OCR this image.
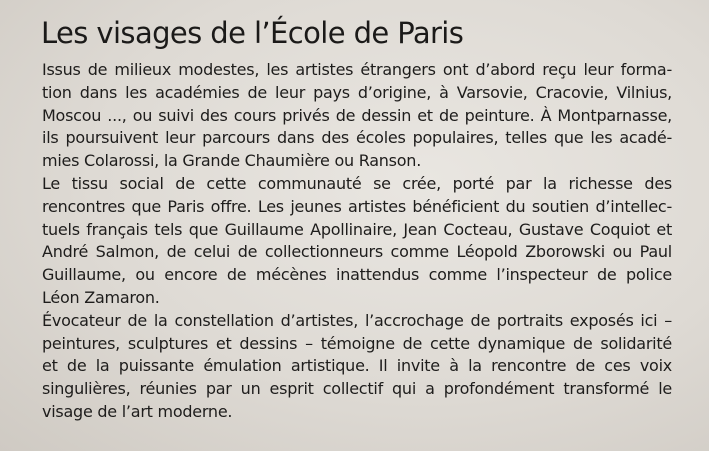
Les visages de l’École de Paris
Issus de milieux modestes, les artistes étrangers ont d’abord reçu leur forma-
tion dans les académies de leur pays d’origine, à Varsovie, Cracovie, Vilnius,
Moscou ..., ou suivi des cours privés de dessin et de peinture. À Montparnasse,
ils poursuivent leur parcours dans des écoles populaires, telles que les acadé-
mies Colarossi, la Grande Chaumière ou Ranson.
Le tissu social de cette communauté se crée, porté par la richesse des
rencontres que Paris offre. Les jeunes artistes bénéficient du soutien d’intellec-
tuels français tels que Guillaume Apollinaire, Jean Cocteau, Gustave Coquiot et
André Salmon, de celui de collectionneurs comme Léopold Zborowski ou Paul
Guillaume, ou encore de mécènes inattendus comme l’inspecteur de police
Léon Zamaron.
Évocateur de la constellation d’artistes, l’accrochage de portraits exposés ici –
peintures, sculptures et dessins – témoigne de cette dynamique de solidarité
et de la puissante émulation artistique. Il invite à la rencontre de ces voix
singulières, réunies par un esprit collectif qui a profondément transformé le
visage de l’art moderne.
